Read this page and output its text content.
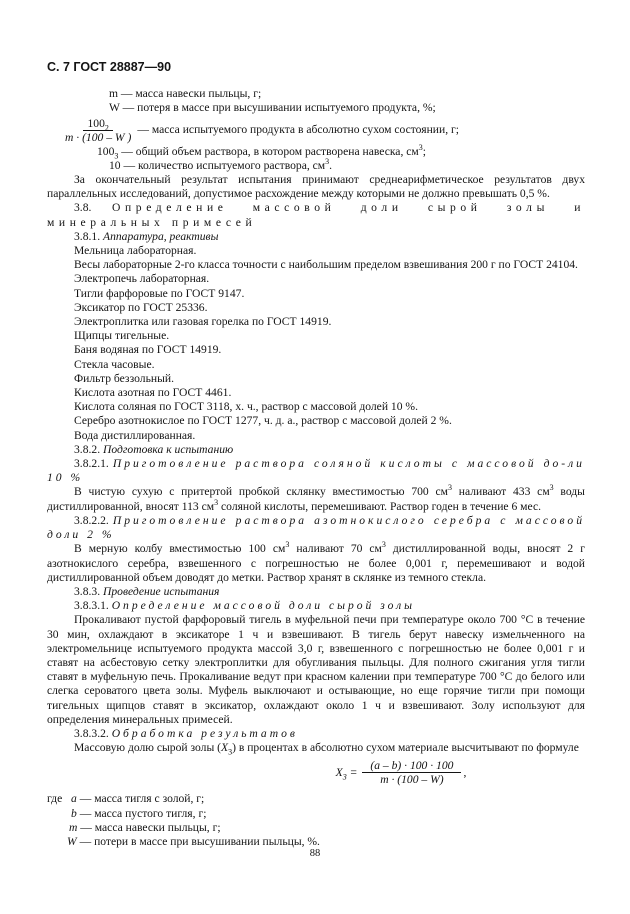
С. 7 ГОСТ 28887—90

m — масса навески пыльцы, г;

W — потеря в массе при высушивании испытуемого продукта, %;

$\frac{100_2}{m \cdot (100 - W )}$ — масса испытуемого продукта в абсолютно сухом состоянии, г;

$100_3$ — общий объем раствора, в котором растворена навеска, $см^3$;

10 — количество испытуемого раствора, $см^3$.

За окончательный результат испытания принимают среднеарифметическое результатов двух параллельных исследований, допустимое расхождение между которыми не должно превышать 0,5 %.

3.8. Определение массовой доли сырой золы и минеральных примесей

3.8.1. Аппаратура, реактивы

Мельница лабораторная.

Весы лабораторные 2-го класса точности с наибольшим пределом взвешивания 200 г по ГОСТ 24104.

Электропечь лабораторная.

Тигли фарфоровые по ГОСТ 9147.

Эксикатор по ГОСТ 25336.

Электроплитка или газовая горелка по ГОСТ 14919.

Щипцы тигельные.

Баня водяная по ГОСТ 14919.

Стекла часовые.

Фильтр беззольный.

Кислота азотная по ГОСТ 4461.

Кислота соляная по ГОСТ 3118, х. ч., раствор с массовой долей 10 %.

Серебро азотнокислое по ГОСТ 1277, ч. д. а., раствор с массовой долей 2 %.

Вода дистиллированная.

3.8.2. Подготовка к испытанию

3.8.2.1. Приготовление раствора соляной кислоты с массовой до-ли 10 %

В чистую сухую с притертой пробкой склянку вместимостью 700 $см^3$ наливают 433 $см^3$ воды дистиллированной, вносят 113 $см^3$ соляной кислоты, перемешивают. Раствор годен в течение 6 мес.

3.8.2.2. Приготовление раствора азотнокислого серебра с массовой доли 2 %

В мерную колбу вместимостью 100 $см^3$ наливают 70 $см^3$ дистиллированной воды, вносят 2 г азотнокислого серебра, взвешенного с погрешностью не более 0,001 г, перемешивают и водой дистиллированной объем доводят до метки. Раствор хранят в склянке из темного стекла.

3.8.3. Проведение испытания

3.8.3.1. Определение массовой доли сырой золы

Прокаливают пустой фарфоровый тигель в муфельной печи при температуре около 700 °С в течение 30 мин, охлаждают в эксикаторе 1 ч и взвешивают. В тигель берут навеску измельченного на электромельнице испытуемого продукта массой 3,0 г, взвешенного с погрешностью не более 0,001 г и ставят на асбестовую сетку электроплитки для обугливания пыльцы. Для полного сжигания угля тигли ставят в муфельную печь. Прокаливание ведут при красном калении при температуре 700 °С до белого или слегка сероватого цвета золы. Муфель выключают и остывающие, но еще горячие тигли при помощи тигельных щипцов ставят в эксикатор, охлаждают около 1 ч и взвешивают. Золу используют для определения минеральных примесей.

3.8.3.2. Обработка результатов

Массовую долю сырой золы $(X_3)$ в процентах в абсолютно сухом материале высчитывают по формуле

$X_3 = \frac{(a - b) \cdot 100 \cdot 100}{m \cdot (100 - W)}$ ,

где a — масса тигля с золой, г;

b — масса пустого тигля, г;

m — масса навески пыльцы, г;

W — потери в массе при высушивании пыльцы, %.

88
